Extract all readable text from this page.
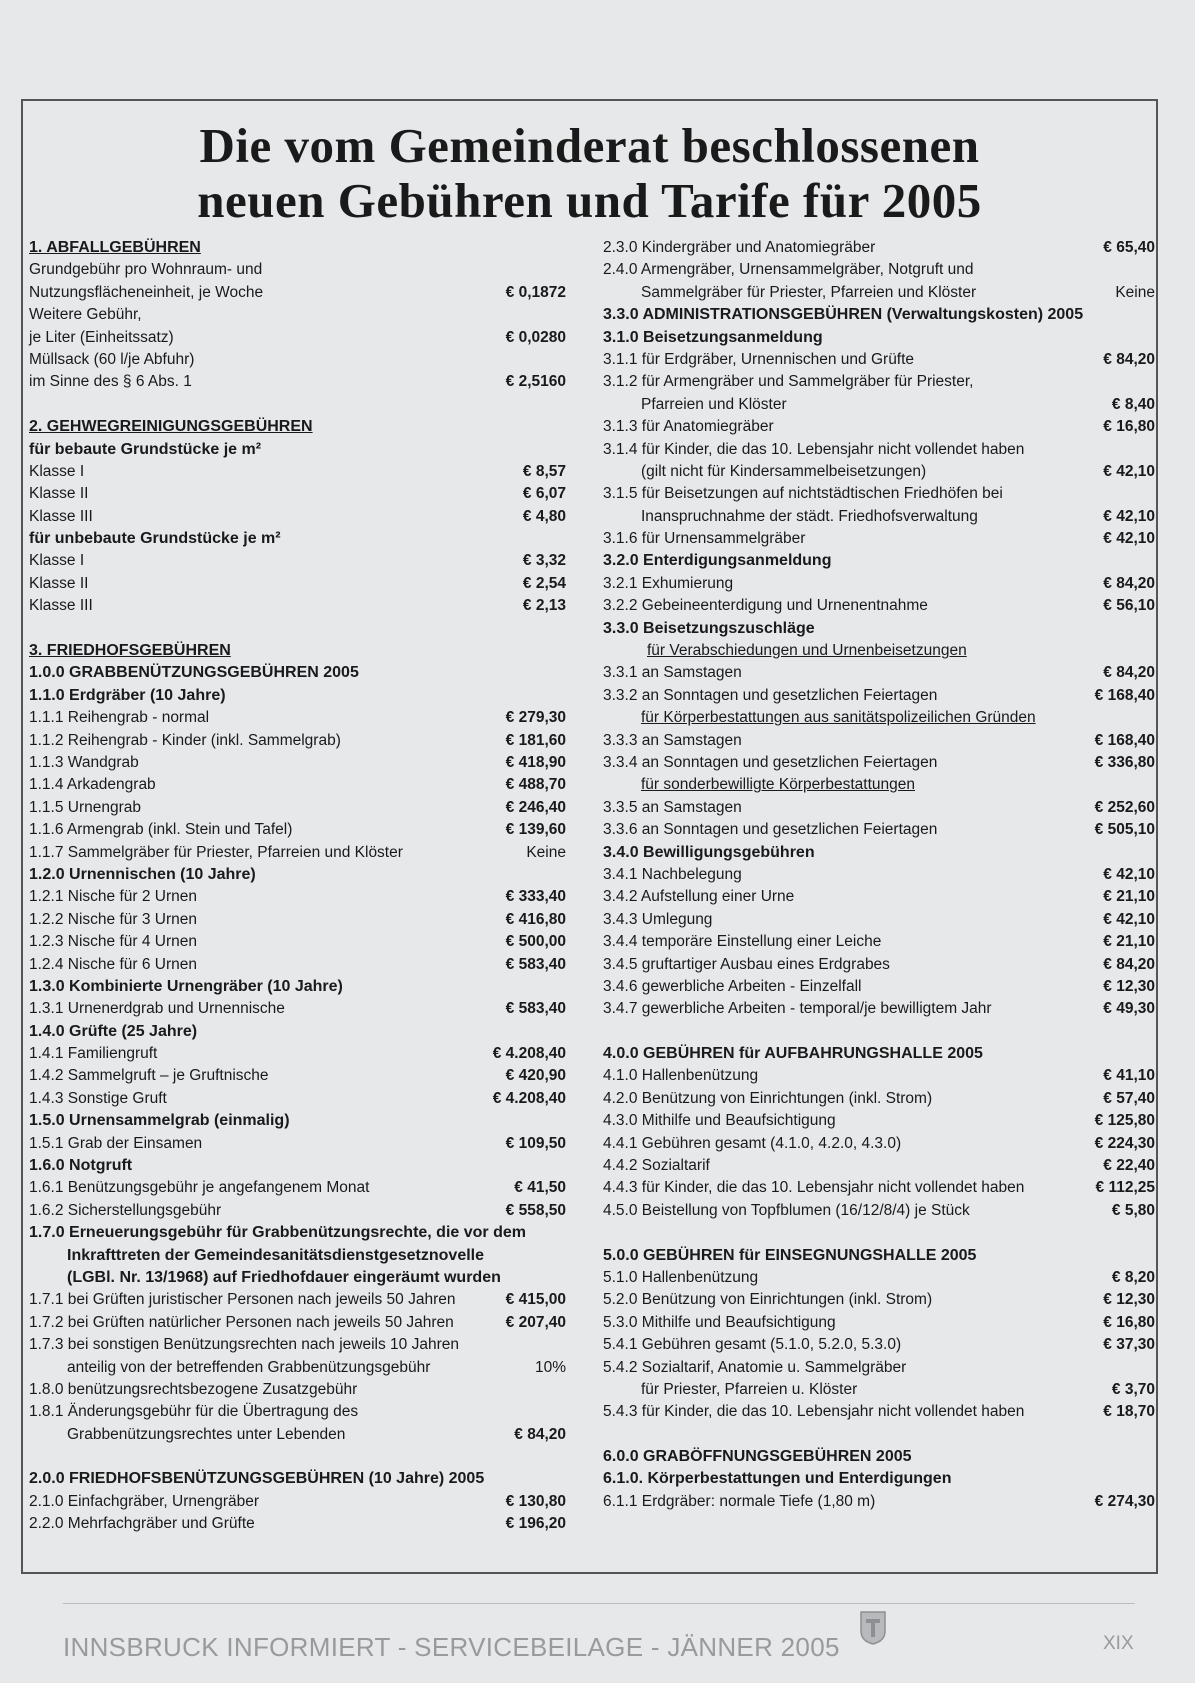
Die vom Gemeinderat beschlossenen
neuen Gebühren und Tarife für 2005
1. ABFALLGEBÜHREN
Grundgebühr pro Wohnraum- und
Nutzungsflächeneinheit, je Woche	€ 0,1872
Weitere Gebühr,
je Liter (Einheitssatz)	€ 0,0280
Müllsack (60 l/je Abfuhr)
im Sinne des § 6 Abs. 1	€ 2,5160
2. GEHWEGREINIGUNGSGEBÜHREN
für bebaute Grundstücke je m²
Klasse I	€ 8,57
Klasse II	€ 6,07
Klasse III	€ 4,80
für unbebaute Grundstücke je m²
Klasse I	€ 3,32
Klasse II	€ 2,54
Klasse III	€ 2,13
3. FRIEDHOFSGEBÜHREN
1.0.0 GRABBENÜTZUNGSGEBÜHREN 2005
1.1.0 Erdgräber (10 Jahre)
1.1.1 Reihengrab - normal	€ 279,30
1.1.2 Reihengrab - Kinder (inkl. Sammelgrab)	€ 181,60
1.1.3 Wandgrab	€ 418,90
1.1.4 Arkadengrab	€ 488,70
1.1.5 Urnengrab	€ 246,40
1.1.6 Armengrab (inkl. Stein und Tafel)	€ 139,60
1.1.7 Sammelgräber für Priester, Pfarreien und Klöster	Keine
1.2.0 Urnennischen (10 Jahre)
1.2.1 Nische für 2 Urnen	€ 333,40
1.2.2 Nische für 3 Urnen	€ 416,80
1.2.3 Nische für 4 Urnen	€ 500,00
1.2.4 Nische für 6 Urnen	€ 583,40
1.3.0 Kombinierte Urnengräber (10 Jahre)
1.3.1 Urnenerdgrab und Urnennische	€ 583,40
1.4.0 Grüfte (25 Jahre)
1.4.1 Familiengruft	€ 4.208,40
1.4.2 Sammelgruft – je Gruftnische	€ 420,90
1.4.3 Sonstige Gruft	€ 4.208,40
1.5.0 Urnensammelgrab (einmalig)
1.5.1 Grab der Einsamen	€ 109,50
1.6.0 Notgruft
1.6.1 Benützungsgebühr je angefangenem Monat	€ 41,50
1.6.2 Sicherstellungsgebühr	€ 558,50
1.7.0 Erneuerungsgebühr für Grabbenützungsrechte, die vor dem
Inkrafttreten der Gemeindesanitätsdienstgesetznovelle
(LGBl. Nr. 13/1968) auf Friedhofdauer eingeräumt wurden
1.7.1 bei Grüften juristischer Personen nach jeweils 50 Jahren	€ 415,00
1.7.2 bei Grüften natürlicher Personen nach jeweils 50 Jahren	€ 207,40
1.7.3 bei sonstigen Benützungsrechten nach jeweils 10 Jahren
anteilig von der betreffenden Grabbenützungsgebühr	10%
1.8.0 benützungsrechtsbezogene Zusatzgebühr
1.8.1 Änderungsgebühr für die Übertragung des
Grabbenützungsrechtes unter Lebenden	€ 84,20
2.0.0 FRIEDHOFSBENÜTZUNGSGEBÜHREN (10 Jahre) 2005
2.1.0 Einfachgräber, Urnengräber	€ 130,80
2.2.0 Mehrfachgräber und Grüfte	€ 196,20
2.3.0 Kindergräber und Anatomiegräber	€ 65,40
2.4.0 Armengräber, Urnensammelgräber, Notgruft und
Sammelgräber für Priester, Pfarreien und Klöster	Keine
3.3.0 ADMINISTRATIONSGEBÜHREN (Verwaltungskosten) 2005
3.1.0 Beisetzungsanmeldung
3.1.1 für Erdgräber, Urnennischen und Grüfte	€ 84,20
3.1.2 für Armengräber und Sammelgräber für Priester,
Pfarreien und Klöster	€ 8,40
3.1.3 für Anatomiegräber	€ 16,80
3.1.4 für Kinder, die das 10. Lebensjahr nicht vollendet haben
(gilt nicht für Kindersammelbeisetzungen)	€ 42,10
3.1.5 für Beisetzungen auf nichtstädtischen Friedhöfen bei
Inanspruchnahme der städt. Friedhofsverwaltung	€ 42,10
3.1.6 für Urnensammelgräber	€ 42,10
3.2.0 Enterdigungsanmeldung
3.2.1 Exhumierung	€ 84,20
3.2.2 Gebeineenterdigung und Urnenentnahme	€ 56,10
3.3.0 Beisetzungszuschläge
für Verabschiedungen und Urnenbeisetzungen
3.3.1 an Samstagen	€ 84,20
3.3.2 an Sonntagen und gesetzlichen Feiertagen	€ 168,40
für Körperbestattungen aus sanitätspolizeilichen Gründen
3.3.3 an Samstagen	€ 168,40
3.3.4 an Sonntagen und gesetzlichen Feiertagen	€ 336,80
für sonderbewilligte Körperbestattungen
3.3.5 an Samstagen	€ 252,60
3.3.6 an Sonntagen und gesetzlichen Feiertagen	€ 505,10
3.4.0 Bewilligungsgebühren
3.4.1 Nachbelegung	€ 42,10
3.4.2 Aufstellung einer Urne	€ 21,10
3.4.3 Umlegung	€ 42,10
3.4.4 temporäre Einstellung einer Leiche	€ 21,10
3.4.5 gruftartiger Ausbau eines Erdgrabes	€ 84,20
3.4.6 gewerbliche Arbeiten - Einzelfall	€ 12,30
3.4.7 gewerbliche Arbeiten - temporal/je bewilligtem Jahr	€ 49,30
4.0.0 GEBÜHREN für AUFBAHRUNGSHALLE 2005
4.1.0 Hallenbenützung	€ 41,10
4.2.0 Benützung von Einrichtungen (inkl. Strom)	€ 57,40
4.3.0 Mithilfe und Beaufsichtigung	€ 125,80
4.4.1 Gebühren gesamt (4.1.0, 4.2.0, 4.3.0)	€ 224,30
4.4.2 Sozialtarif	€ 22,40
4.4.3 für Kinder, die das 10. Lebensjahr nicht vollendet haben	€ 112,25
4.5.0 Beistellung von Topfblumen (16/12/8/4) je Stück	€ 5,80
5.0.0 GEBÜHREN für EINSEGNUNGSHALLE 2005
5.1.0 Hallenbenützung	€ 8,20
5.2.0 Benützung von Einrichtungen (inkl. Strom)	€ 12,30
5.3.0 Mithilfe und Beaufsichtigung	€ 16,80
5.4.1 Gebühren gesamt (5.1.0, 5.2.0, 5.3.0)	€ 37,30
5.4.2 Sozialtarif, Anatomie u. Sammelgräber
für Priester, Pfarreien u. Klöster	€ 3,70
5.4.3 für Kinder, die das 10. Lebensjahr nicht vollendet haben	€ 18,70
6.0.0 GRABÖFFNUNGSGEBÜHREN 2005
6.1.0. Körperbestattungen und Enterdigungen
6.1.1 Erdgräber: normale Tiefe (1,80 m)	€ 274,30
INNSBRUCK INFORMIERT - SERVICEBEILAGE - JÄNNER 2005	XIX
